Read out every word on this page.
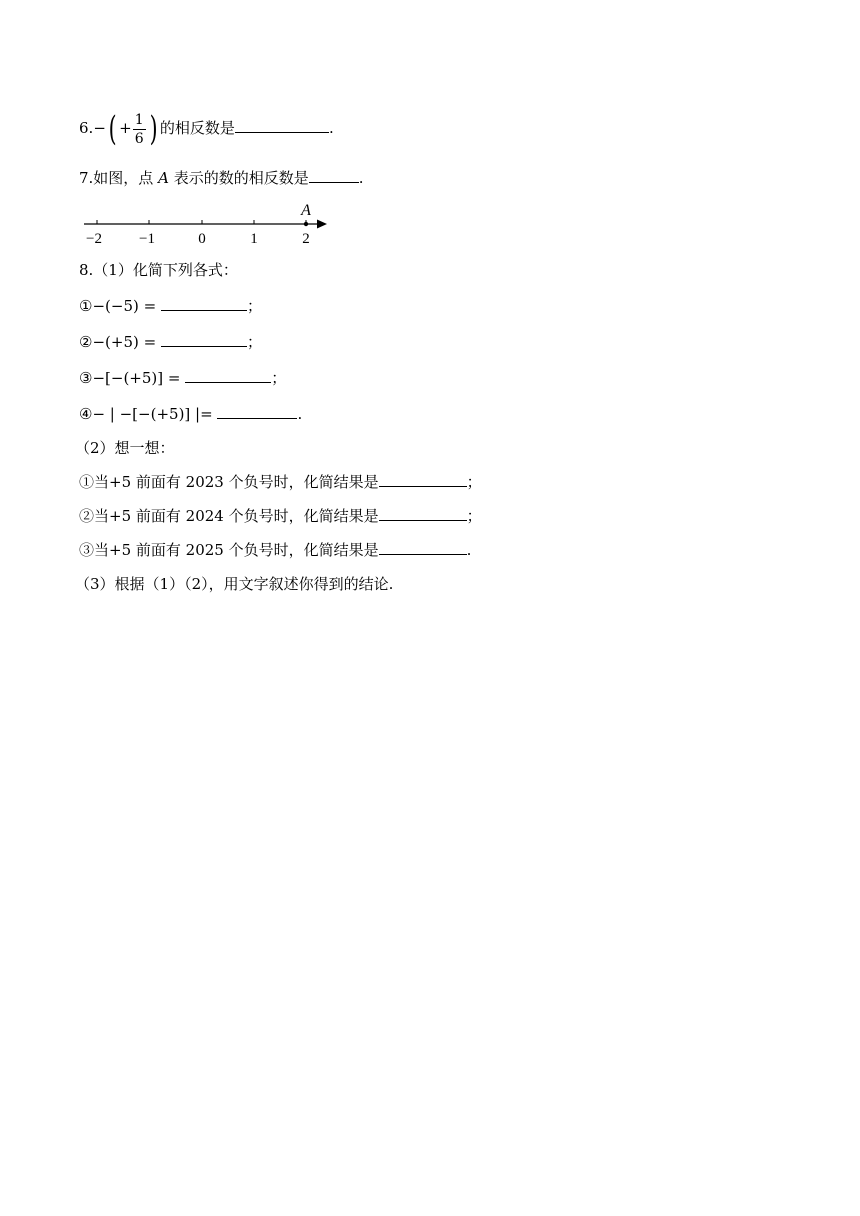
$6.-( + \frac{1}{6}$ ) 的相反数是	.
7.如图，点 A 表示的数的相反数是	.
−2 −1	0	1	2
A
8.（1）化简下列各式：
①−(−5) =	；
②−(+5) =	；
③−[−(+5)] =	；
④− | −[−(+5)] |=	.
（2）想一想：
①当+5 前面有 2023 个负号时，化简结果是	；
②当+5 前面有 2024 个负号时，化简结果是	；
③当+5 前面有 2025 个负号时，化简结果是	.
（3）根据（1）（2），用文字叙述你得到的结论.
